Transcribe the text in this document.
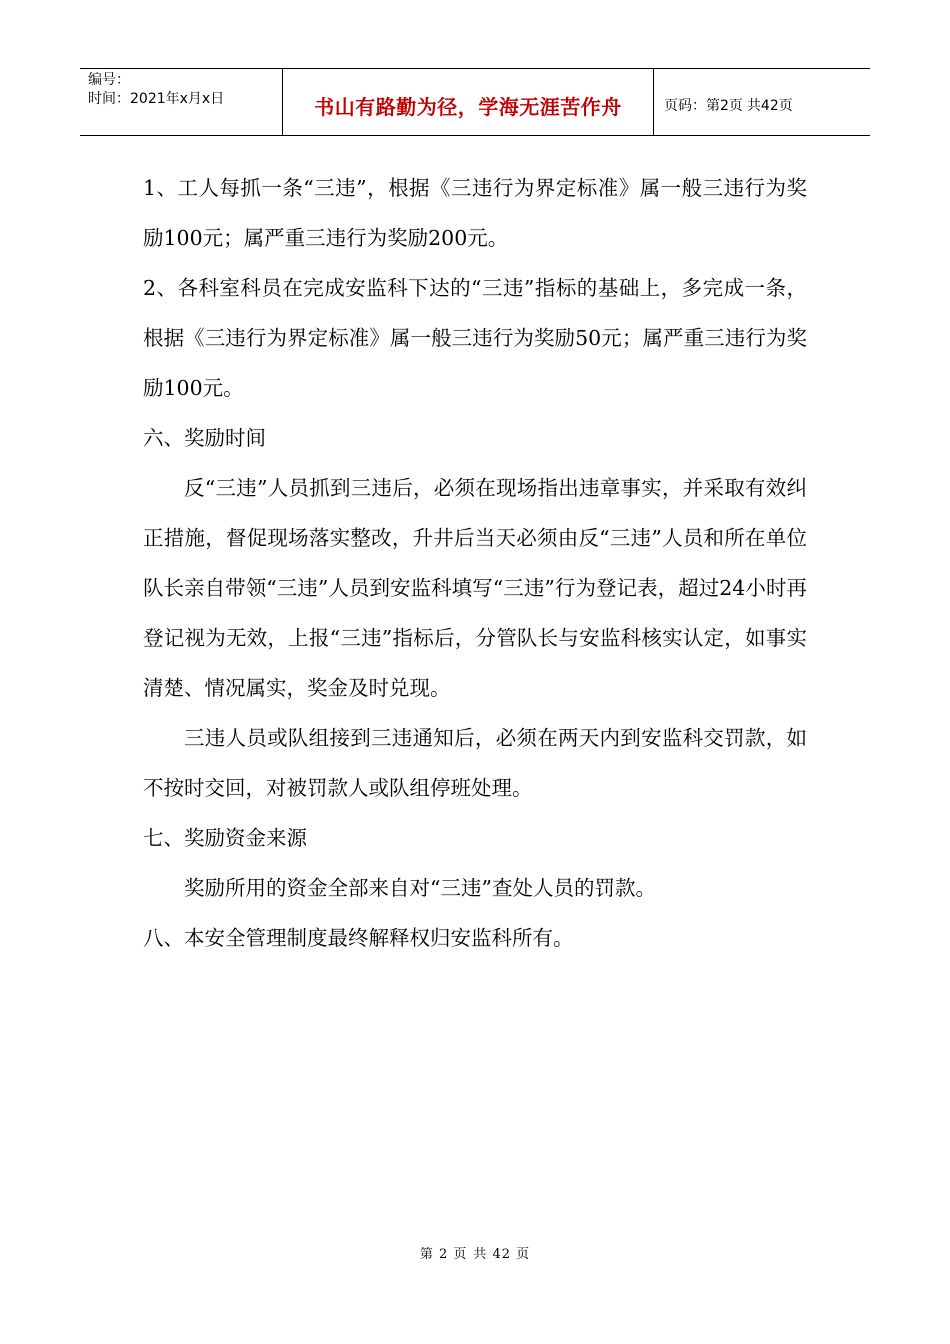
编号：
时间：2021年x月x日	书山有路勤为径，学海无涯苦作舟	页码： 第2页 共42页

1、工人每抓一条“三违”，根据《三违行为界定标准》属一般三违行为奖励100元；属严重三违行为奖励200元。

2、各科室科员在完成安监科下达的“三违”指标的基础上，多完成一条，根据《三违行为界定标准》属一般三违行为奖励50元；属严重三违行为奖励100元。

六、奖励时间

反“三违”人员抓到三违后，必须在现场指出违章事实，并采取有效纠正措施，督促现场落实整改，升井后当天必须由反“三违”人员和所在单位队长亲自带领“三违”人员到安监科填写“三违”行为登记表，超过24小时再登记视为无效，上报“三违”指标后，分管队长与安监科核实认定，如事实清楚、情况属实，奖金及时兑现。

三违人员或队组接到三违通知后，必须在两天内到安监科交罚款，如不按时交回，对被罚款人或队组停班处理。

七、奖励资金来源

奖励所用的资金全部来自对“三违”查处人员的罚款。

八、本安全管理制度最终解释权归安监科所有。

第 2 页 共 42 页
